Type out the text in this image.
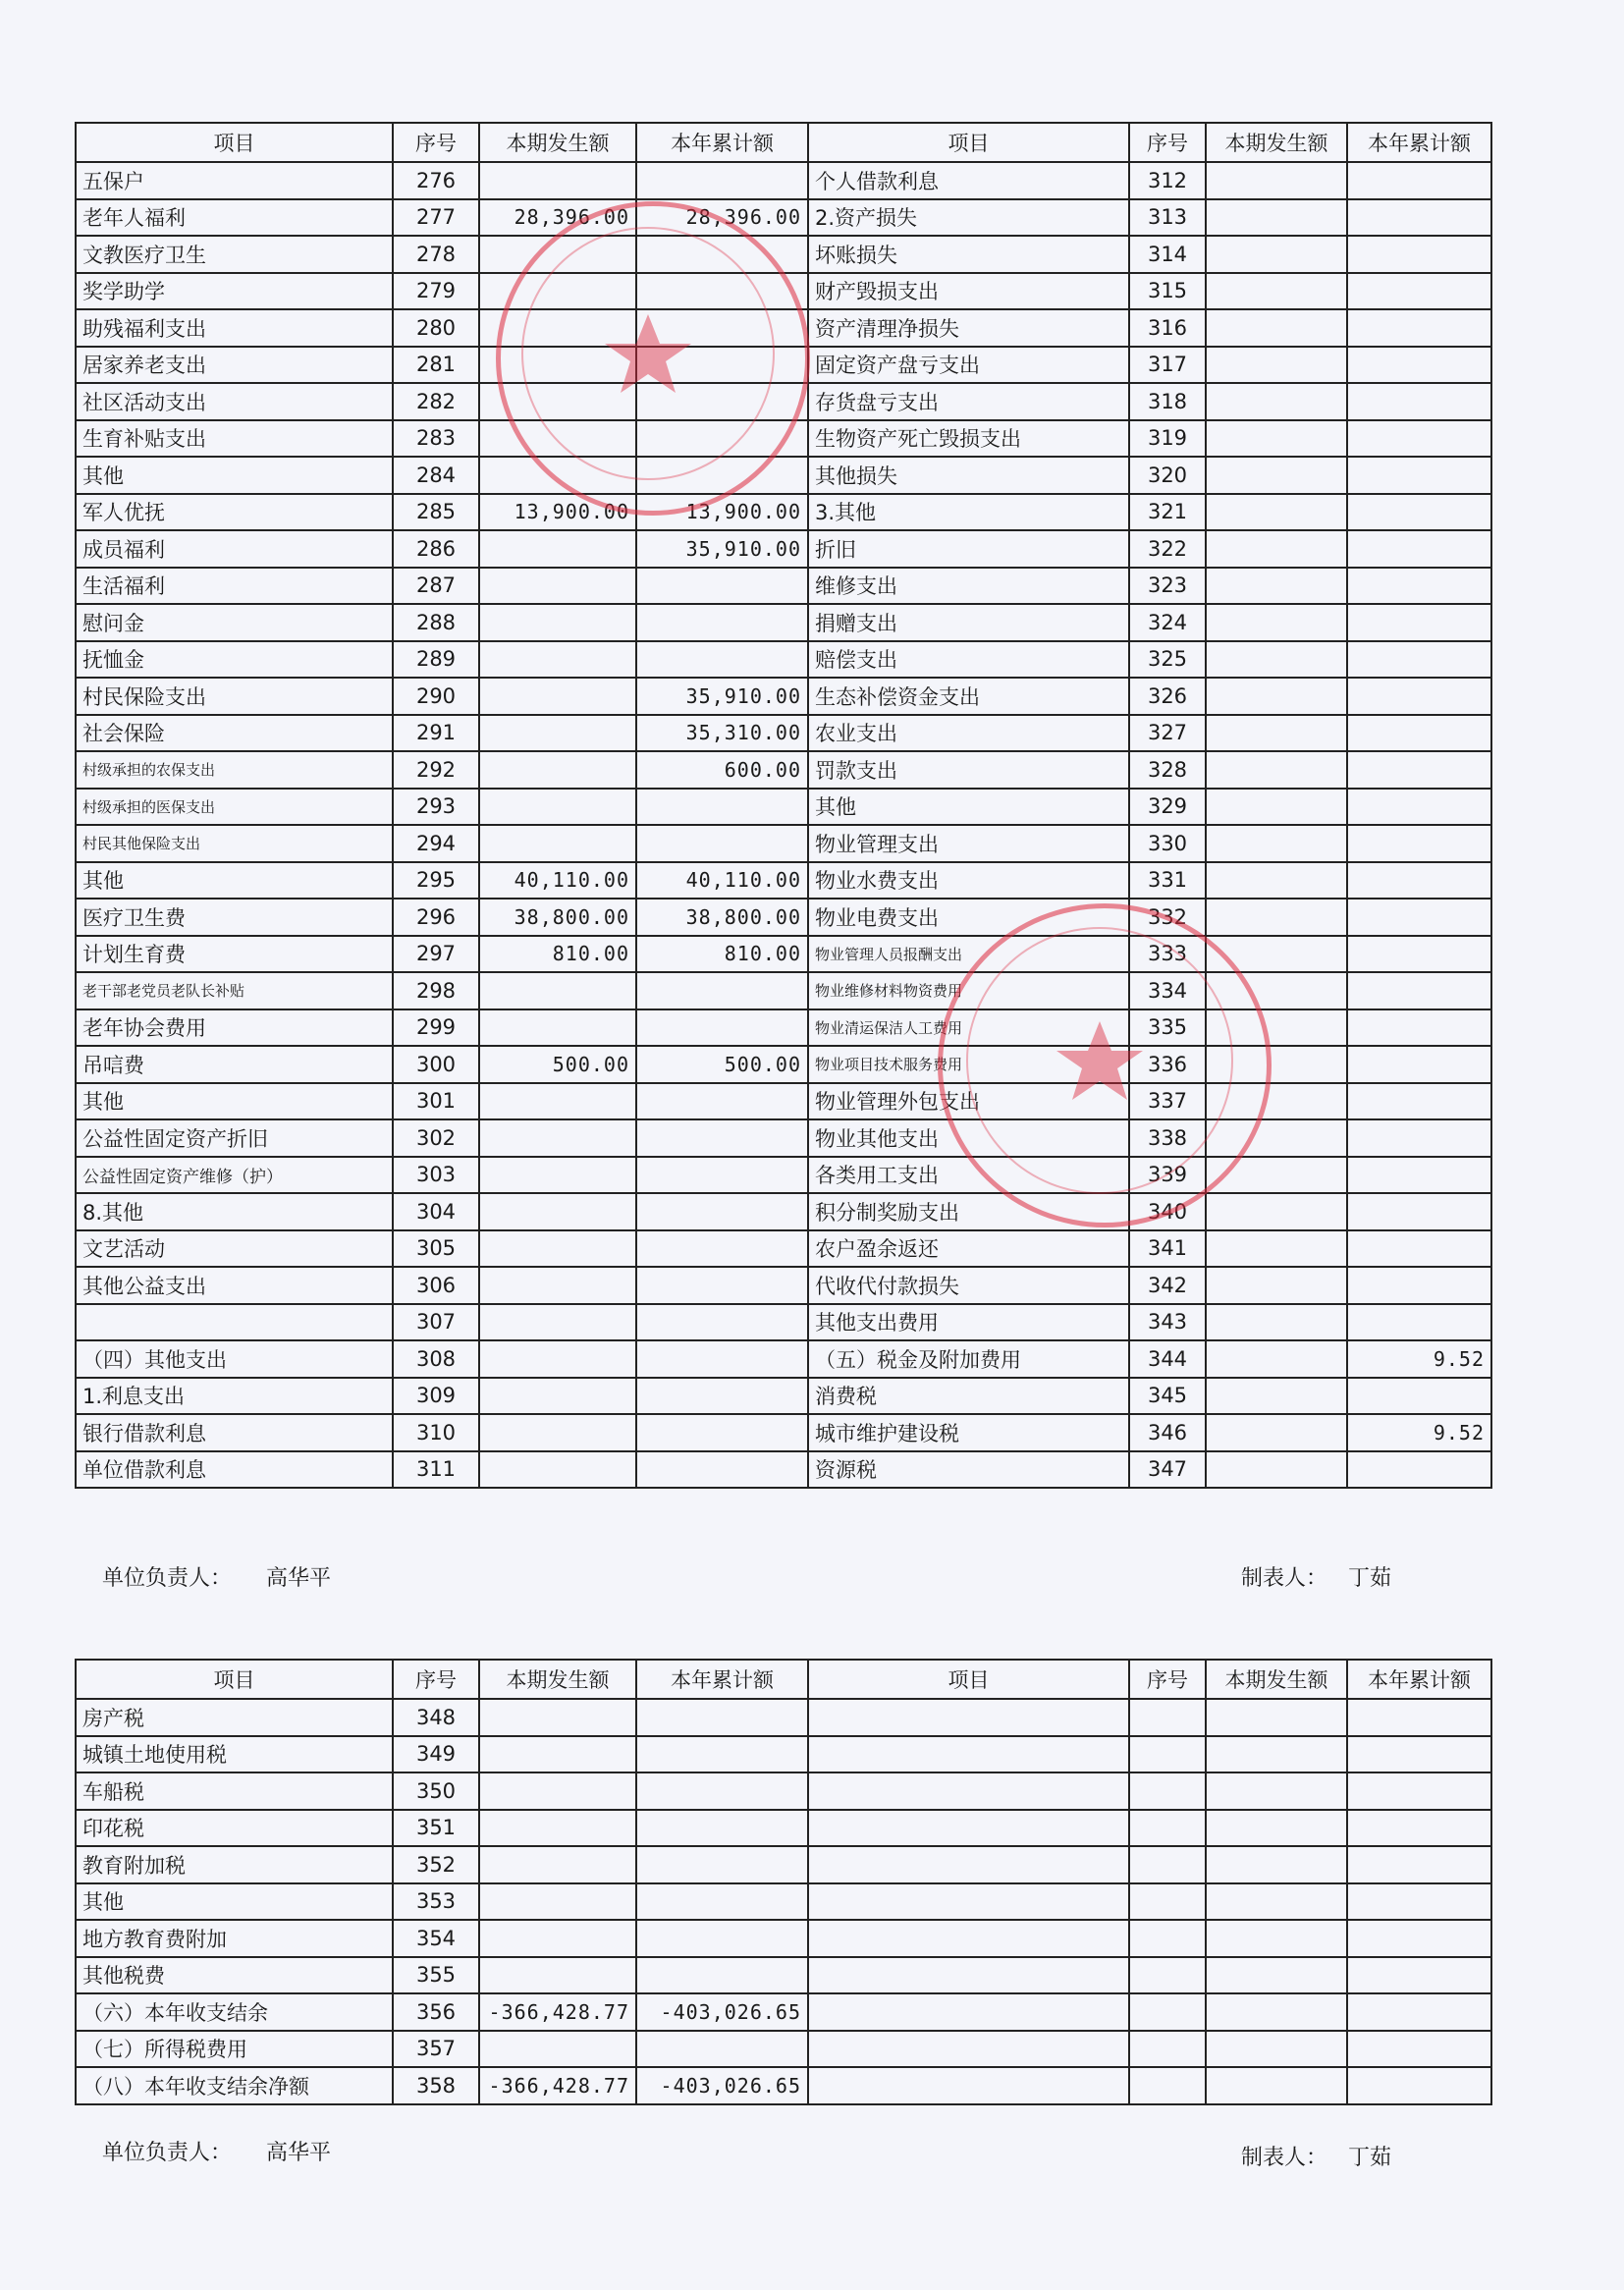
项目	序号	本期发生额	本年累计额	项目	序号	本期发生额	本年累计额
五保户	276			个人借款利息	312		
老年人福利	277	28,396.00	28,396.00	2.资产损失	313		
文教医疗卫生	278			坏账损失	314		
奖学助学	279			财产毁损支出	315		
助残福利支出	280			资产清理净损失	316		
居家养老支出	281			固定资产盘亏支出	317		
社区活动支出	282			存货盘亏支出	318		
生育补贴支出	283			生物资产死亡毁损支出	319		
其他	284			其他损失	320		
军人优抚	285	13,900.00	13,900.00	3.其他	321		
成员福利	286		35,910.00	折旧	322		
生活福利	287			维修支出	323		
慰问金	288			捐赠支出	324		
抚恤金	289			赔偿支出	325		
村民保险支出	290		35,910.00	生态补偿资金支出	326		
社会保险	291		35,310.00	农业支出	327		
村级承担的农保支出	292		600.00	罚款支出	328		
村级承担的医保支出	293			其他	329		
村民其他保险支出	294			物业管理支出	330		
其他	295	40,110.00	40,110.00	物业水费支出	331		
医疗卫生费	296	38,800.00	38,800.00	物业电费支出	332		
计划生育费	297	810.00	810.00	物业管理人员报酬支出	333		
老干部老党员老队长补贴	298			物业维修材料物资费用	334		
老年协会费用	299			物业清运保洁人工费用	335		
吊唁费	300	500.00	500.00	物业项目技术服务费用	336		
其他	301			物业管理外包支出	337		
公益性固定资产折旧	302			物业其他支出	338		
公益性固定资产维修（护）	303			各类用工支出	339		
8.其他	304			积分制奖励支出	340		
文艺活动	305			农户盈余返还	341		
其他公益支出	306			代收代付款损失	342		
	307			其他支出费用	343		
（四）其他支出	308			（五）税金及附加费用	344		9.52
1.利息支出	309			消费税	345		
银行借款利息	310			城市维护建设税	346		9.52
单位借款利息	311			资源税	347		
单位负责人： 高华平	制表人： 丁茹
项目	序号	本期发生额	本年累计额	项目	序号	本期发生额	本年累计额
房产税	348						
城镇土地使用税	349						
车船税	350						
印花税	351						
教育附加税	352						
其他	353						
地方教育费附加	354						
其他税费	355						
（六）本年收支结余	356	-366,428.77	-403,026.65				
（七）所得税费用	357						
（八）本年收支结余净额	358	-366,428.77	-403,026.65				
单位负责人： 高华平	制表人： 丁茹
